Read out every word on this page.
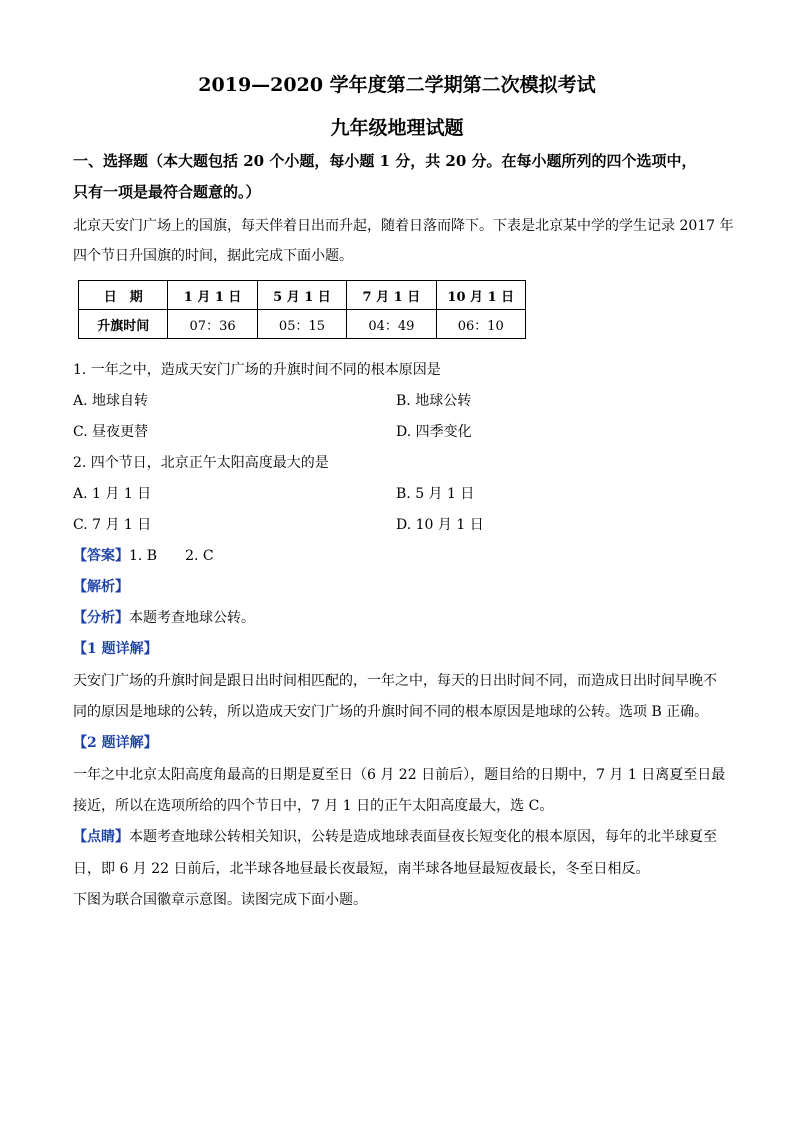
2019—2020 学年度第二学期第二次模拟考试
九年级地理试题
一、选择题（本大题包括 20 个小题，每小题 1 分，共 20 分。在每小题所列的四个选项中，
只有一项是最符合题意的。）
北京天安门广场上的国旗，每天伴着日出而升起，随着日落而降下。下表是北京某中学的学生记录 2017 年
四个节日升国旗的时间，据此完成下面小题。
日　期	1 月 1 日	5 月 1 日	7 月 1 日	10 月 1 日
升旗时间	07：36	05：15	04：49	06：10
1. 一年之中，造成天安门广场的升旗时间不同的根本原因是
A. 地球自转	B. 地球公转
C. 昼夜更替	D. 四季变化
2. 四个节日，北京正午太阳高度最大的是
A. 1 月 1 日	B. 5 月 1 日
C. 7 月 1 日	D. 10 月 1 日
【答案】1. B　　2. C
【解析】
【分析】本题考查地球公转。
【1 题详解】
天安门广场的升旗时间是跟日出时间相匹配的，一年之中，每天的日出时间不同，而造成日出时间早晚不
同的原因是地球的公转，所以造成天安门广场的升旗时间不同的根本原因是地球的公转。选项 B 正确。
【2 题详解】
一年之中北京太阳高度角最高的日期是夏至日（6 月 22 日前后），题目给的日期中，7 月 1 日离夏至日最
接近，所以在选项所给的四个节日中，7 月 1 日的正午太阳高度最大，选 C。
【点睛】本题考查地球公转相关知识，公转是造成地球表面昼夜长短变化的根本原因，每年的北半球夏至
日，即 6 月 22 日前后，北半球各地昼最长夜最短，南半球各地昼最短夜最长，冬至日相反。
下图为联合国徽章示意图。读图完成下面小题。
